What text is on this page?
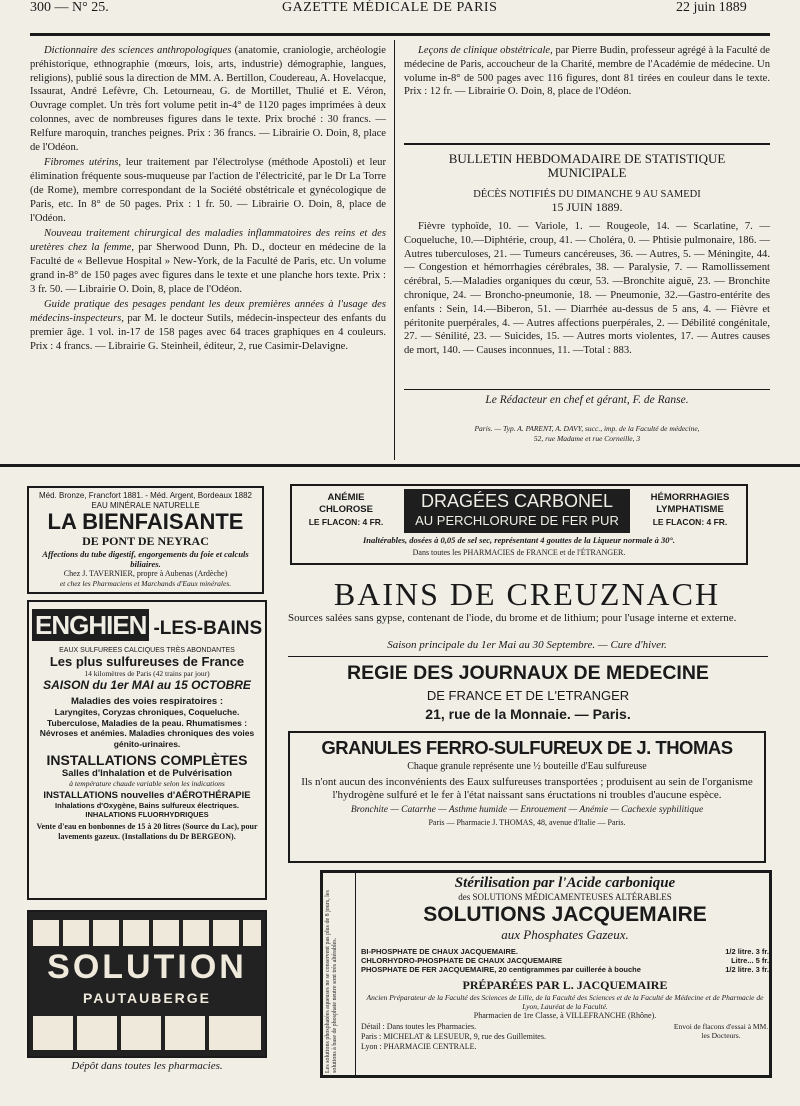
300 — N° 25.	GAZETTE MÉDICALE DE PARIS	22 juin 1889

Dictionnaire des sciences anthropologiques (anatomie, craniologie, archéologie préhistorique, ethnographie (mœurs, lois, arts, industrie) démographie, langues, religions), publié sous la direction de MM. A. Bertillon, Coudereau, A. Hovelacque, Issaurat, André Lefèvre, Ch. Letourneau, G. de Mortillet, Thulié et E. Véron, Ouvrage complet. Un très fort volume petit in-4° de 1120 pages imprimées à deux colonnes, avec de nombreuses figures dans le texte. Prix broché : 30 francs. — Relfure maroquin, tranches peignes. Prix : 36 francs. — Librairie O. Doin, 8, place de l'Odéon.

Fibromes utérins, leur traitement par l'électrolyse (méthode Apostoli) et leur élimination fréquente sous-muqueuse par l'action de l'électricité, par le Dr La Torre (de Rome), membre correspondant de la Société obstétricale et gynécologique de Paris, etc. In 8° de 50 pages. Prix : 1 fr. 50. — Librairie O. Doin, 8, place de l'Odéon.

Nouveau traitement chirurgical des maladies inflammatoires des reins et des uretères chez la femme, par Sherwood Dunn, Ph. D., docteur en médecine de la Faculté de « Bellevue Hospital » New-York, de la Faculté de Paris, etc. Un volume grand in-8° de 150 pages avec figures dans le texte et une planche hors texte. Prix : 3 fr. 50. — Librairie O. Doin, 8, place de l'Odéon.

Guide pratique des pesages pendant les deux premières années à l'usage des médecins-inspecteurs, par M. le docteur Sutils, médecin-inspecteur des enfants du premier âge. 1 vol. in-17 de 158 pages avec 64 traces graphiques en 4 couleurs. Prix : 4 francs. — Librairie G. Steinheil, éditeur, 2, rue Casimir-Delavigne.

Leçons de clinique obstétricale, par Pierre Budin, professeur agrégé à la Faculté de médecine de Paris, accoucheur de la Charité, membre de l'Académie de médecine. Un volume in-8° de 500 pages avec 116 figures, dont 81 tirées en couleur dans le texte. Prix : 12 fr. — Librairie O. Doin, 8, place de l'Odéon.

BULLETIN HEBDOMADAIRE DE STATISTIQUE
MUNICIPALE
DÉCÈS NOTIFIÉS DU DIMANCHE 9 AU SAMEDI
15 JUIN 1889.

Fièvre typhoïde, 10. — Variole, 1. — Rougeole, 14. — Scarlatine, 7. — Coqueluche, 10.—Diphtérie, croup, 41. — Choléra, 0. — Phtisie pulmonaire, 186. — Autres tuberculoses, 21. — Tumeurs cancéreuses, 36. — Autres, 5. — Méningite, 44. — Congestion et hémorrhagies cérébrales, 38. — Paralysie, 7. — Ramollissement cérébral, 5.—Maladies organiques du cœur, 53. —Bronchite aiguë, 23. — Bronchite chronique, 24. — Broncho-pneumonie, 18. — Pneumonie, 32.—Gastro-entérite des enfants : Sein, 14.—Biberon, 51. — Diarrhée au-dessus de 5 ans, 4. — Fièvre et péritonite puerpérales, 4. — Autres affections puerpérales, 2. — Débilité congénitale, 27. — Sénilité, 23. — Suicides, 15. — Autres morts violentes, 17. — Autres causes de mort, 140. — Causes inconnues, 11. —Total : 883.

Le Rédacteur en chef et gérant, F. de Ranse.
Paris. — Typ. A. PARENT, A. DAVY, succ., imp. de la Faculté de médecine,
52, rue Madame et rue Corneille, 3
Méd. Bronze, Francfort 1881. - Méd. Argent, Bordeaux 1882
EAU MINÉRALE NATURELLE
LA BIENFAISANTE
DE PONT DE NEYRAC
Affections du tube digestif, engorgements du foie et calculs biliaires.
Chez J. TAVERNIER, propre à Aubenas (Ardèche)
et chez les Pharmaciens et Marchands d'Eaux minérales.
ENGHIEN -LES-BAINS
EAUX SULFUREES CALCIQUES TRÈS ABONDANTES
Les plus sulfureuses de France
14 kilomètres de Paris (42 trains par jour)
SAISON du 1er MAI au 15 OCTOBRE
Maladies des voies respiratoires :
Laryngites, Coryzas chroniques, Coqueluche. Tuberculose, Maladies de la peau. Rhumatismes : Névroses et anémies. Maladies chroniques des voies génito-urinaires.
INSTALLATIONS COMPLÈTES
Salles d'Inhalation et de Pulvérisation
à température chaude variable selon les indications
INSTALLATIONS nouvelles d'AÉROTHÉRAPIE
Inhalations d'Oxygène, Bains sulfureux électriques.
INHALATIONS FLUORHYDRIQUES
Vente d'eau en bonbonnes de 15 à 20 litres (Source du Lac), pour lavements gazeux. (Installations du Dr BERGEON).
SOLUTION
PAUTAUBERGE
Dépôt dans toutes les pharmacies.
ANÉMIE
CHLOROSE
LE FLACON: 4 FR.
DRAGÉES CARBONEL
AU PERCHLORURE DE FER PUR
HÉMORRHAGIES
LYMPHATISME
LE FLACON: 4 FR.
Inaltérables, dosées à 0,05 de sel sec, représentant 4 gouttes de la Liqueur normale à 30°.
Dans toutes les PHARMACIES de FRANCE et de l'ÉTRANGER.
BAINS DE CREUZNACH
Sources salées sans gypse, contenant de l'iode, du brome et de lithium; pour l'usage interne et externe.
Saison principale du 1er Mai au 30 Septembre. — Cure d'hiver.
REGIE DES JOURNAUX DE MEDECINE
DE FRANCE ET DE L'ETRANGER
21, rue de la Monnaie. — Paris.
GRANULES FERRO-SULFUREUX DE J. THOMAS
Chaque granule représente une ½ bouteille d'Eau sulfureuse
Ils n'ont aucun des inconvénients des Eaux sulfureuses transportées ; produisent au sein de l'organisme l'hydrogène sulfuré et le fer à l'état naissant sans éructations ni troubles d'aucune espèce.
Bronchite — Catarrhe — Asthme humide — Enrouement — Anémie — Cachexie syphilitique
Paris — Pharmacie J. THOMAS, 48, avenue d'Italie — Paris.
Les solutions phosphatées aqueuses ne se conservent pas plus de 8 jours, les solutions à base de phosphate neutre sont très altérables.
Stérilisation par l'Acide carbonique
des SOLUTIONS MÉDICAMENTEUSES ALTÉRABLES
SOLUTIONS JACQUEMAIRE
aux Phosphates Gazeux.
BI-PHOSPHATE DE CHAUX JACQUEMAIRE.
CHLORHYDRO-PHOSPHATE DE CHAUX JACQUEMAIRE
PHOSPHATE DE FER JACQUEMAIRE, 20 centigrammes par cuillerée à bouche
1/2 litre. 3 fr.
Litre... 5 fr.
1/2 litre. 3 fr.
PRÉPARÉES PAR L. JACQUEMAIRE
Ancien Préparateur de la Faculté des Sciences de Lille, de la Faculté des Sciences et de la Faculté de Médecine et de Pharmacie de Lyon, Lauréat de la Faculté.
Pharmacien de 1re Classe, à VILLEFRANCHE (Rhône).
Détail : Dans toutes les Pharmacies.
Paris : MICHELAT & LESUEUR, 9, rue des Guillemites.
Lyon : PHARMACIE CENTRALE.
Envoi de flacons d'essai à MM. les Docteurs.
